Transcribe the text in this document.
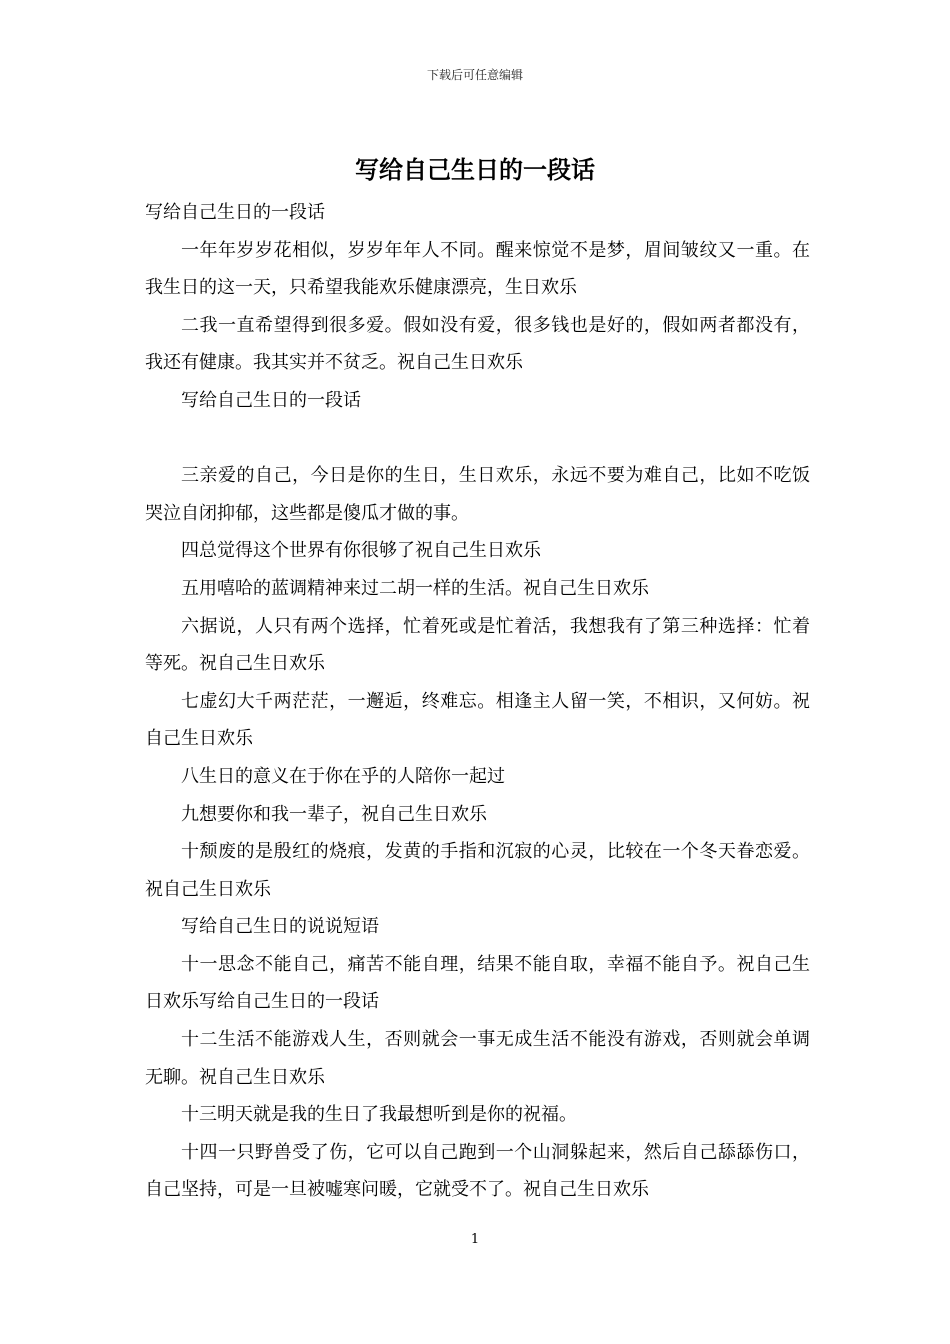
下载后可任意编辑
写给自己生日的一段话

写给自己生日的一段话

一年年岁岁花相似，岁岁年年人不同。醒来惊觉不是梦，眉间皱纹又一重。在我生日的这一天，只希望我能欢乐健康漂亮，生日欢乐

二我一直希望得到很多爱。假如没有爱，很多钱也是好的，假如两者都没有，我还有健康。我其实并不贫乏。祝自己生日欢乐

写给自己生日的一段话

三亲爱的自己，今日是你的生日，生日欢乐，永远不要为难自己，比如不吃饭哭泣自闭抑郁，这些都是傻瓜才做的事。

四总觉得这个世界有你很够了祝自己生日欢乐

五用嘻哈的蓝调精神来过二胡一样的生活。祝自己生日欢乐

六据说，人只有两个选择，忙着死或是忙着活，我想我有了第三种选择：忙着等死。祝自己生日欢乐

七虚幻大千两茫茫，一邂逅，终难忘。相逢主人留一笑，不相识，又何妨。祝自己生日欢乐

八生日的意义在于你在乎的人陪你一起过

九想要你和我一辈子，祝自己生日欢乐

十颓废的是殷红的烧痕，发黄的手指和沉寂的心灵，比较在一个冬天眷恋爱。祝自己生日欢乐

写给自己生日的说说短语

十一思念不能自己，痛苦不能自理，结果不能自取，幸福不能自予。祝自己生日欢乐写给自己生日的一段话

十二生活不能游戏人生，否则就会一事无成生活不能没有游戏，否则就会单调无聊。祝自己生日欢乐

十三明天就是我的生日了我最想听到是你的祝福。

十四一只野兽受了伤，它可以自己跑到一个山洞躲起来，然后自己舔舔伤口，自己坚持，可是一旦被嘘寒问暖，它就受不了。祝自己生日欢乐

1
